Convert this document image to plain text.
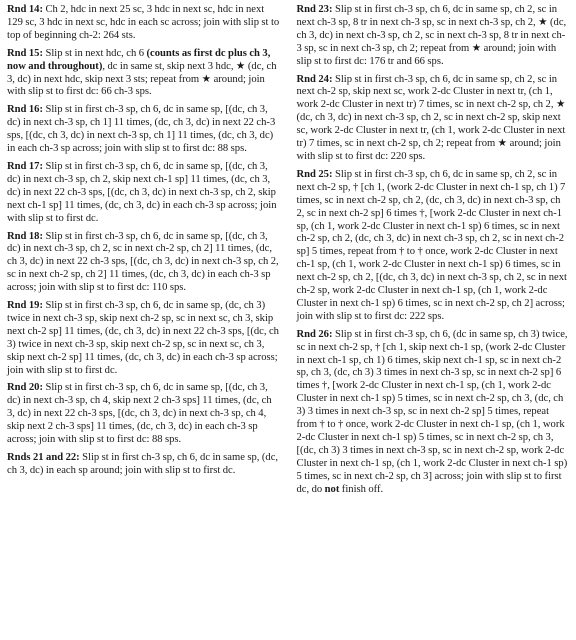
Rnd 14: Ch 2, hdc in next 25 sc, 3 hdc in next sc, hdc in next 129 sc, 3 hdc in next sc, hdc in each sc across; join with slip st to top of beginning ch-2: 264 sts.

Rnd 15: Slip st in next hdc, ch 6 (counts as first dc plus ch 3, now and throughout), dc in same st, skip next 3 hdc, ★ (dc, ch 3, dc) in next hdc, skip next 3 sts; repeat from ★ around; join with slip st to first dc: 66 ch-3 sps.

Rnd 16: Slip st in first ch-3 sp, ch 6, dc in same sp, [(dc, ch 3, dc) in next ch-3 sp, ch 1] 11 times, (dc, ch 3, dc) in next 22 ch-3 sps, [(dc, ch 3, dc) in next ch-3 sp, ch 1] 11 times, (dc, ch 3, dc) in each ch-3 sp across; join with slip st to first dc: 88 sps.

Rnd 17: Slip st in first ch-3 sp, ch 6, dc in same sp, [(dc, ch 3, dc) in next ch-3 sp, ch 2, skip next ch-1 sp] 11 times, (dc, ch 3, dc) in next 22 ch-3 sps, [(dc, ch 3, dc) in next ch-3 sp, ch 2, skip next ch-1 sp] 11 times, (dc, ch 3, dc) in each ch-3 sp across; join with slip st to first dc.

Rnd 18: Slip st in first ch-3 sp, ch 6, dc in same sp, [(dc, ch 3, dc) in next ch-3 sp, ch 2, sc in next ch-2 sp, ch 2] 11 times, (dc, ch 3, dc) in next 22 ch-3 sps, [(dc, ch 3, dc) in next ch-3 sp, ch 2, sc in next ch-2 sp, ch 2] 11 times, (dc, ch 3, dc) in each ch-3 sp across; join with slip st to first dc: 110 sps.

Rnd 19: Slip st in first ch-3 sp, ch 6, dc in same sp, (dc, ch 3) twice in next ch-3 sp, skip next ch-2 sp, sc in next sc, ch 3, skip next ch-2 sp] 11 times, (dc, ch 3, dc) in next 22 ch-3 sps, [(dc, ch 3) twice in next ch-3 sp, skip next ch-2 sp, sc in next sc, ch 3, skip next ch-2 sp] 11 times, (dc, ch 3, dc) in each ch-3 sp across; join with slip st to first dc.

Rnd 20: Slip st in first ch-3 sp, ch 6, dc in same sp, [(dc, ch 3, dc) in next ch-3 sp, ch 4, skip next 2 ch-3 sps] 11 times, (dc, ch 3, dc) in next 22 ch-3 sps, [(dc, ch 3, dc) in next ch-3 sp, ch 4, skip next 2 ch-3 sps] 11 times, (dc, ch 3, dc) in each ch-3 sp across; join with slip st to first dc: 88 sps.

Rnds 21 and 22: Slip st in first ch-3 sp, ch 6, dc in same sp, (dc, ch 3, dc) in each sp around; join with slip st to first dc.

Rnd 23: Slip st in first ch-3 sp, ch 6, dc in same sp, ch 2, sc in next ch-3 sp, 8 tr in next ch-3 sp, sc in next ch-3 sp, ch 2, ★ (dc, ch 3, dc) in next ch-3 sp, ch 2, sc in next ch-3 sp, 8 tr in next ch-3 sp, sc in next ch-3 sp, ch 2; repeat from ★ around; join with slip st to first dc: 176 tr and 66 sps.

Rnd 24: Slip st in first ch-3 sp, ch 6, dc in same sp, ch 2, sc in next ch-2 sp, skip next sc, work 2-dc Cluster in next tr, (ch 1, work 2-dc Cluster in next tr) 7 times, sc in next ch-2 sp, ch 2, ★ (dc, ch 3, dc) in next ch-3 sp, ch 2, sc in next ch-2 sp, skip next sc, work 2-dc Cluster in next tr, (ch 1, work 2-dc Cluster in next tr) 7 times, sc in next ch-2 sp, ch 2; repeat from ★ around; join with slip st to first dc: 220 sps.

Rnd 25: Slip st in first ch-3 sp, ch 6, dc in same sp, ch 2, sc in next ch-2 sp, † [ch 1, (work 2-dc Cluster in next ch-1 sp, ch 1) 7 times, sc in next ch-2 sp, ch 2, (dc, ch 3, dc) in next ch-3 sp, ch 2, sc in next ch-2 sp] 6 times †, [work 2-dc Cluster in next ch-1 sp, (ch 1, work 2-dc Cluster in next ch-1 sp) 6 times, sc in next ch-2 sp, ch 2, (dc, ch 3, dc) in next ch-3 sp, ch 2, sc in next ch-2 sp] 5 times, repeat from † to † once, work 2-dc Cluster in next ch-1 sp, (ch 1, work 2-dc Cluster in next ch-1 sp) 6 times, sc in next ch-2 sp, ch 2, [(dc, ch 3, dc) in next ch-3 sp, ch 2, sc in next ch-2 sp, work 2-dc Cluster in next ch-1 sp, (ch 1, work 2-dc Cluster in next ch-1 sp) 6 times, sc in next ch-2 sp, ch 2] across; join with slip st to first dc: 222 sps.

Rnd 26: Slip st in first ch-3 sp, ch 6, (dc in same sp, ch 3) twice, sc in next ch-2 sp, † [ch 1, skip next ch-1 sp, (work 2-dc Cluster in next ch-1 sp, ch 1) 6 times, skip next ch-1 sp, sc in next ch-2 sp, ch 3, (dc, ch 3) 3 times in next ch-3 sp, sc in next ch-2 sp] 6 times †, [work 2-dc Cluster in next ch-1 sp, (ch 1, work 2-dc Cluster in next ch-1 sp) 5 times, sc in next ch-2 sp, ch 3, (dc, ch 3) 3 times in next ch-3 sp, sc in next ch-2 sp] 5 times, repeat from † to † once, work 2-dc Cluster in next ch-1 sp, (ch 1, work 2-dc Cluster in next ch-1 sp) 5 times, sc in next ch-2 sp, ch 3, [(dc, ch 3) 3 times in next ch-3 sp, sc in next ch-2 sp, work 2-dc Cluster in next ch-1 sp, (ch 1, work 2-dc Cluster in next ch-1 sp) 5 times, sc in next ch-2 sp, ch 3] across; join with slip st to first dc, do not finish off.
